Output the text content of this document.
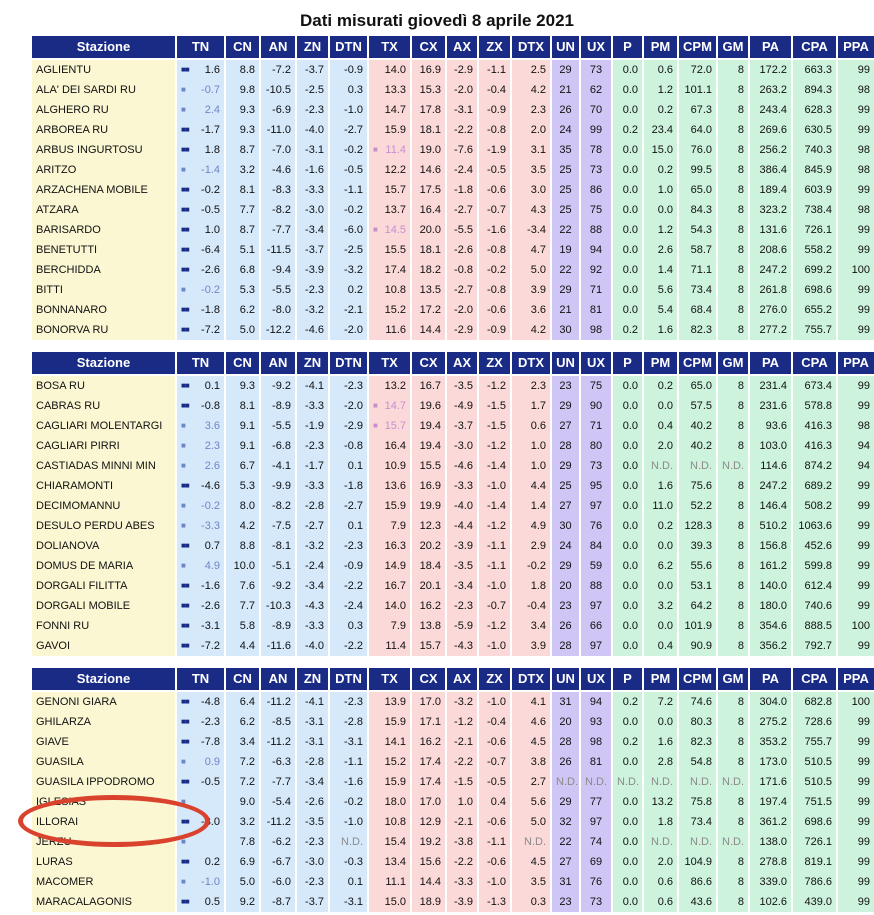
Dati misurati giovedì 8 aprile 2021
Stazione	TN	CN	AN	ZN	DTN	TX	CX	AX	ZX	DTX	UN	UX	P	PM	CPM	GM	PA	CPA	PPA

AGLIENTU	■■ 1.6	8.8	-7.2	-3.7	-0.9	14.0	16.9	-2.9	-1.1	2.5	29	73	0.0	0.6	72.0	8	172.2	663.3	99
ALA' DEI SARDI RU	■ -0.7	9.8	-10.5	-2.5	0.3	13.3	15.3	-2.0	-0.4	4.2	21	62	0.0	1.2	101.1	8	263.2	894.3	98
ALGHERO RU	■ 2.4	9.3	-6.9	-2.3	-1.0	14.7	17.8	-3.1	-0.9	2.3	26	70	0.0	0.2	67.3	8	243.4	628.3	99
ARBOREA RU	■■ -1.7	9.3	-11.0	-4.0	-2.7	15.9	18.1	-2.2	-0.8	2.0	24	99	0.2	23.4	64.0	8	269.6	630.5	99
ARBUS INGURTOSU	■■ 1.8	8.7	-7.0	-3.1	-0.2	■ 11.4	19.0	-7.6	-1.9	3.1	35	78	0.0	15.0	76.0	8	256.2	740.3	98
ARITZO	■ -1.4	3.2	-4.6	-1.6	-0.5	12.2	14.6	-2.4	-0.5	3.5	25	73	0.0	0.2	99.5	8	386.4	845.9	98
ARZACHENA MOBILE	■■ -0.2	8.1	-8.3	-3.3	-1.1	15.7	17.5	-1.8	-0.6	3.0	25	86	0.0	1.0	65.0	8	189.4	603.9	99
ATZARA	■■ -0.5	7.7	-8.2	-3.0	-0.2	13.7	16.4	-2.7	-0.7	4.3	25	75	0.0	0.0	84.3	8	323.2	738.4	98
BARISARDO	■■ 1.0	8.7	-7.7	-3.4	-6.0	■ 14.5	20.0	-5.5	-1.6	-3.4	22	88	0.0	1.2	54.3	8	131.6	726.1	99
BENETUTTI	■■ -6.4	5.1	-11.5	-3.7	-2.5	15.5	18.1	-2.6	-0.8	4.7	19	94	0.0	2.6	58.7	8	208.6	558.2	99
BERCHIDDA	■■ -2.6	6.8	-9.4	-3.9	-3.2	17.4	18.2	-0.8	-0.2	5.0	22	92	0.0	1.4	71.1	8	247.2	699.2	100
BITTI	■ -0.2	5.3	-5.5	-2.3	0.2	10.8	13.5	-2.7	-0.8	3.9	29	71	0.0	5.6	73.4	8	261.8	698.6	99
BONNANARO	■■ -1.8	6.2	-8.0	-3.2	-2.1	15.2	17.2	-2.0	-0.6	3.6	21	81	0.0	5.4	68.4	8	276.0	655.2	99
BONORVA RU	■■ -7.2	5.0	-12.2	-4.6	-2.0	11.6	14.4	-2.9	-0.9	4.2	30	98	0.2	1.6	82.3	8	277.2	755.7	99
Stazione	TN	CN	AN	ZN	DTN	TX	CX	AX	ZX	DTX	UN	UX	P	PM	CPM	GM	PA	CPA	PPA

BOSA RU	■■ 0.1	9.3	-9.2	-4.1	-2.3	13.2	16.7	-3.5	-1.2	2.3	23	75	0.0	0.2	65.0	8	231.4	673.4	99
CABRAS RU	■■ -0.8	8.1	-8.9	-3.3	-2.0	■ 14.7	19.6	-4.9	-1.5	1.7	29	90	0.0	0.0	57.5	8	231.6	578.8	99
CAGLIARI MOLENTARGI	■ 3.6	9.1	-5.5	-1.9	-2.9	■ 15.7	19.4	-3.7	-1.5	0.6	27	71	0.0	0.4	40.2	8	93.6	416.3	98
CAGLIARI PIRRI	■ 2.3	9.1	-6.8	-2.3	-0.8	16.4	19.4	-3.0	-1.2	1.0	28	80	0.0	2.0	40.2	8	103.0	416.3	94
CASTIADAS MINNI MIN	■ 2.6	6.7	-4.1	-1.7	0.1	10.9	15.5	-4.6	-1.4	1.0	29	73	0.0	N.D.	N.D.	N.D.	114.6	874.2	94
CHIARAMONTI	■■ -4.6	5.3	-9.9	-3.3	-1.8	13.6	16.9	-3.3	-1.0	4.4	25	95	0.0	1.6	75.6	8	247.2	689.2	99
DECIMOMANNU	■ -0.2	8.0	-8.2	-2.8	-2.7	15.9	19.9	-4.0	-1.4	1.4	27	97	0.0	11.0	52.2	8	146.4	508.2	99
DESULO PERDU ABES	■ -3.3	4.2	-7.5	-2.7	0.1	7.9	12.3	-4.4	-1.2	4.9	30	76	0.0	0.2	128.3	8	510.2	1063.6	99
DOLIANOVA	■■ 0.7	8.8	-8.1	-3.2	-2.3	16.3	20.2	-3.9	-1.1	2.9	24	84	0.0	0.0	39.3	8	156.8	452.6	99
DOMUS DE MARIA	■ 4.9	10.0	-5.1	-2.4	-0.9	14.9	18.4	-3.5	-1.1	-0.2	29	59	0.0	6.2	55.6	8	161.2	599.8	99
DORGALI FILITTA	■■ -1.6	7.6	-9.2	-3.4	-2.2	16.7	20.1	-3.4	-1.0	1.8	20	88	0.0	0.0	53.1	8	140.0	612.4	99
DORGALI MOBILE	■■ -2.6	7.7	-10.3	-4.3	-2.4	14.0	16.2	-2.3	-0.7	-0.4	23	97	0.0	3.2	64.2	8	180.0	740.6	99
FONNI RU	■■ -3.1	5.8	-8.9	-3.3	0.3	7.9	13.8	-5.9	-1.2	3.4	26	66	0.0	0.0	101.9	8	354.6	888.5	100
GAVOI	■■ -7.2	4.4	-11.6	-4.0	-2.2	11.4	15.7	-4.3	-1.0	3.9	28	97	0.0	0.4	90.9	8	356.2	792.7	99
Stazione	TN	CN	AN	ZN	DTN	TX	CX	AX	ZX	DTX	UN	UX	P	PM	CPM	GM	PA	CPA	PPA

GENONI GIARA	■■ -4.8	6.4	-11.2	-4.1	-2.3	13.9	17.0	-3.2	-1.0	4.1	31	94	0.2	7.2	74.6	8	304.0	682.8	100
GHILARZA	■■ -2.3	6.2	-8.5	-3.1	-2.8	15.9	17.1	-1.2	-0.4	4.6	20	93	0.0	0.0	80.3	8	275.2	728.6	99
GIAVE	■■ -7.8	3.4	-11.2	-3.1	-3.1	14.1	16.2	-2.1	-0.6	4.5	28	98	0.2	1.6	82.3	8	353.2	755.7	99
GUASILA	■ 0.9	7.2	-6.3	-2.8	-1.1	15.2	17.4	-2.2	-0.7	3.8	26	81	0.0	2.8	54.8	8	173.0	510.5	99
GUASILA IPPODROMO	■■ -0.5	7.2	-7.7	-3.4	-1.6	15.9	17.4	-1.5	-0.5	2.7	N.D.	N.D.	N.D.	N.D.	N.D.	N.D.	171.6	510.5	99
IGLESIAS	■	9.0	-5.4	-2.6	-0.2	18.0	17.0	1.0	0.4	5.6	29	77	0.0	13.2	75.8	8	197.4	751.5	99
ILLORAI	■■ -8.0	3.2	-11.2	-3.5	-1.0	10.8	12.9	-2.1	-0.6	5.0	32	97	0.0	1.8	73.4	8	361.2	698.6	99
JERZU	■	7.8	-6.2	-2.3	N.D.	15.4	19.2	-3.8	-1.1	N.D.	22	74	0.0	N.D.	N.D.	N.D.	138.0	726.1	99
LURAS	■■ 0.2	6.9	-6.7	-3.0	-0.3	13.4	15.6	-2.2	-0.6	4.5	27	69	0.0	2.0	104.9	8	278.8	819.1	99
MACOMER	■ -1.0	5.0	-6.0	-2.3	0.1	11.1	14.4	-3.3	-1.0	3.5	31	76	0.0	0.6	86.6	8	339.0	786.6	99
MARACALAGONIS	■■ 0.5	9.2	-8.7	-3.7	-3.1	15.0	18.9	-3.9	-1.3	0.3	23	73	0.0	0.6	43.6	8	102.6	439.0	99
